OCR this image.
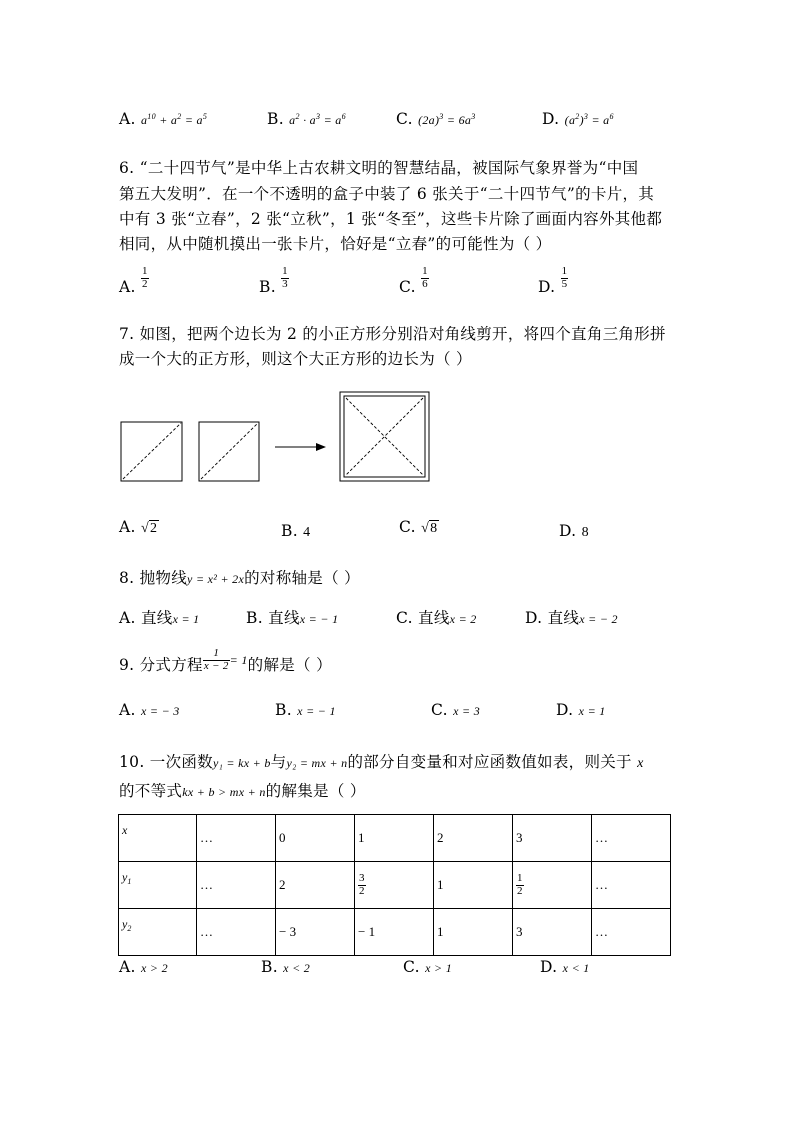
A. $a^{10} + a^2 = a^5$	B. $a^2 \cdot a^3 = a^6$	C. $(2a)^3 = 6a^3$	D. $(a^2)^3 = a^6$
6. “二十四节气”是中华上古农耕文明的智慧结晶，被国际气象界誉为“中国
第五大发明”．在一个不透明的盒子中装了 6 张关于“二十四节气”的卡片，其
中有 3 张“立春”，2 张“立秋”，1 张“冬至”，这些卡片除了画面内容外其他都
相同，从中随机摸出一张卡片，恰好是“立春”的可能性为（ ）
A. $\frac{1}{2}$	B. $\frac{1}{3}$	C. $\frac{1}{6}$	D. $\frac{1}{5}$
7. 如图，把两个边长为 2 的小正方形分别沿对角线剪开，将四个直角三角形拼
成一个大的正方形，则这个大正方形的边长为（ ）
A. √2	B. 4	C. √8	D. 8
8. 抛物线y = x² + 2x的对称轴是（ ）
A. 直线x = 1	B. 直线x = − 1	C. 直线x = 2	D. 直线x = − 2
9. 分式方程 $\frac{1}{x - 2} = 1$的解是（ ）
A. x = − 3	B. x = − 1	C. x = 3	D. x = 1
10. 一次函数y₁ = kx + b与y₂ = mx + n的部分自变量和对应函数值如表，则关于 x
的不等式kx + b > mx + n的解集是（ ）
x	…	0	1	2	3	…
$y_1$	…	2	$\frac{3}{2}$	1	$\frac{1}{2}$	…
$y_2$	…	− 3	− 1	1	3	…
A. x > 2	B. x < 2	C. x > 1	D. x < 1
